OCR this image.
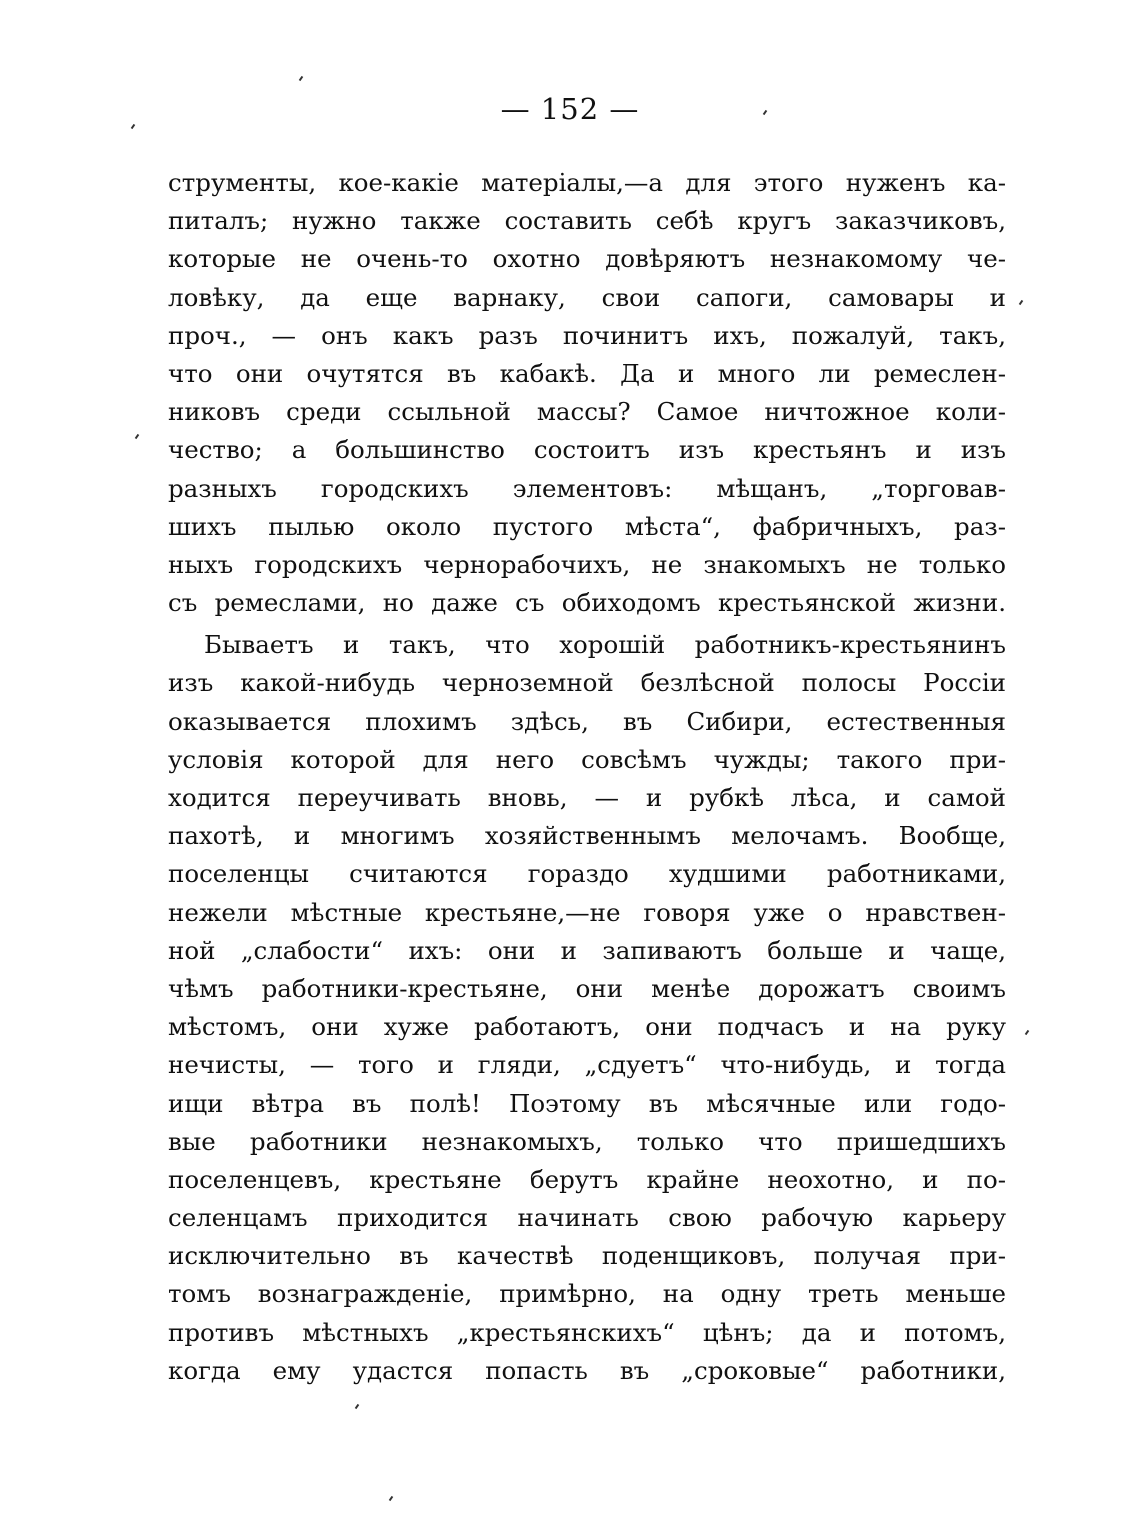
— 152 —
струменты, кое-какіе матеріалы,—а для этого нуженъ ка-
питалъ; нужно также составить себѣ кругъ заказчиковъ,
которые не очень-то охотно довѣряютъ незнакомому че-
ловѣку, да еще варнаку, свои сапоги, самовары и
проч., — онъ какъ разъ починитъ ихъ, пожалуй, такъ,
что они очутятся въ кабакѣ. Да и много ли ремеслен-
никовъ среди ссыльной массы? Самое ничтожное коли-
чество; а большинство состоитъ изъ крестьянъ и изъ
разныхъ городскихъ элементовъ: мѣщанъ, „торговав-
шихъ пылью около пустого мѣста“, фабричныхъ, раз-
ныхъ городскихъ чернорабочихъ, не знакомыхъ не только
съ ремеслами, но даже съ обиходомъ крестьянской жизни.
Бываетъ и такъ, что хорошій работникъ-крестьянинъ
изъ какой-нибудь черноземной безлѣсной полосы Россіи
оказывается плохимъ здѣсь, въ Сибири, естественныя
условія которой для него совсѣмъ чужды; такого при-
ходится переучивать вновь, — и рубкѣ лѣса, и самой
пахотѣ, и многимъ хозяйственнымъ мелочамъ. Вообще,
поселенцы считаются гораздо худшими работниками,
нежели мѣстные крестьяне,—не говоря уже о нравствен-
ной „слабости“ ихъ: они и запиваютъ больше и чаще,
чѣмъ работники-крестьяне, они менѣе дорожатъ своимъ
мѣстомъ, они хуже работаютъ, они подчасъ и на руку
нечисты, — того и гляди, „сдуетъ“ что-нибудь, и тогда
ищи вѣтра въ полѣ! Поэтому въ мѣсячные или годо-
вые работники незнакомыхъ, только что пришедшихъ
поселенцевъ, крестьяне берутъ крайне неохотно, и по-
селенцамъ приходится начинать свою рабочую карьеру
исключительно въ качествѣ поденщиковъ, получая при-
томъ вознагражденіе, примѣрно, на одну треть меньше
противъ мѣстныхъ „крестьянскихъ“ цѣнъ; да и потомъ,
когда ему удастся попасть въ „сроковые“ работники,
